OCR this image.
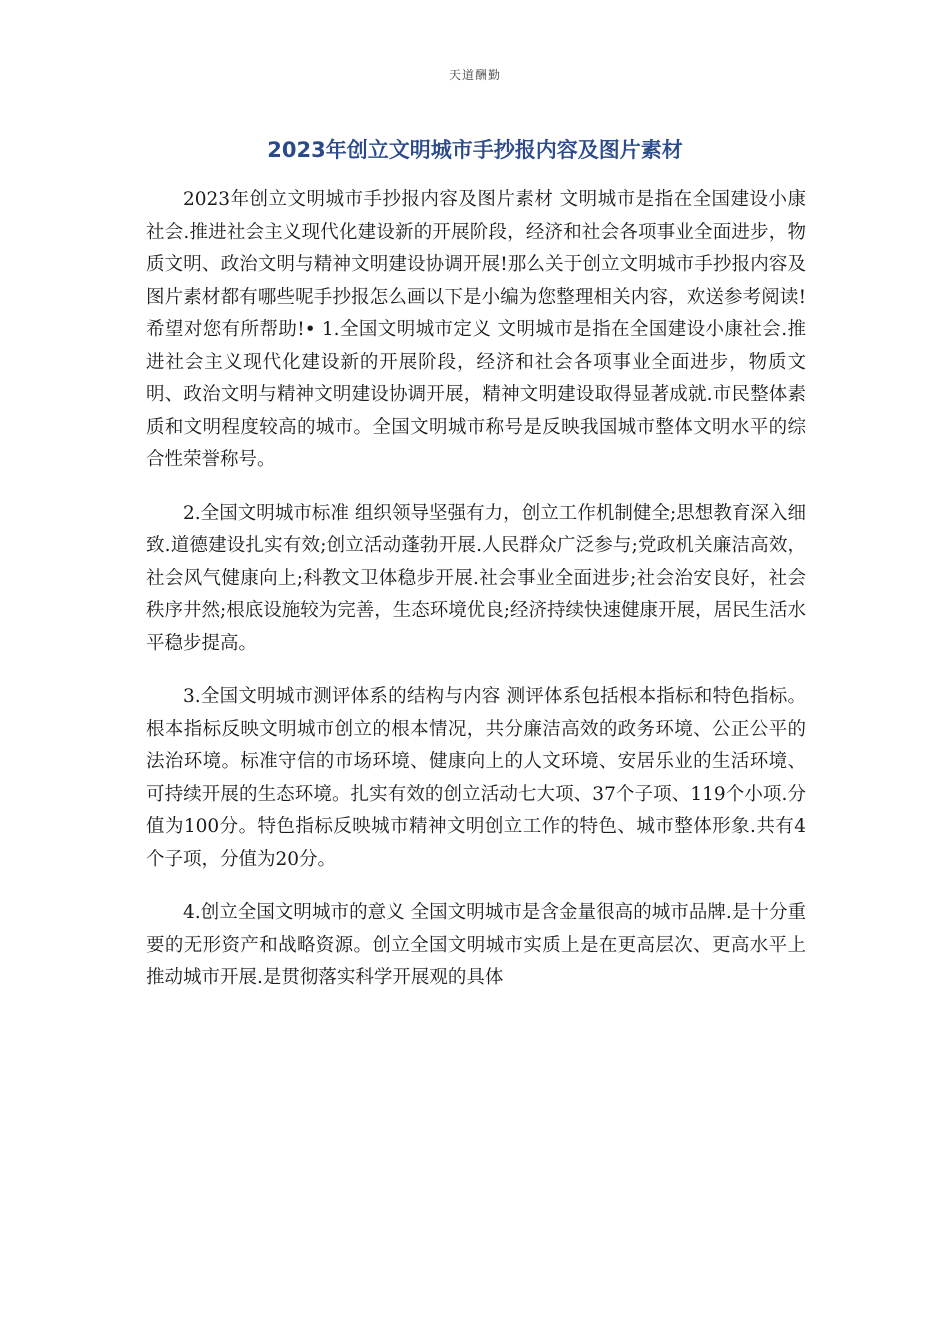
天道酬勤
2023年创立文明城市手抄报内容及图片素材

2023年创立文明城市手抄报内容及图片素材 文明城市是指在全国建设小康社会.推进社会主义现代化建设新的开展阶段，经济和社会各项事业全面进步，物质文明、政治文明与精神文明建设协调开展!那么关于创立文明城市手抄报内容及图片素材都有哪些呢手抄报怎么画以下是小编为您整理相关内容，欢送参考阅读!希望对您有所帮助!• 1.全国文明城市定义 文明城市是指在全国建设小康社会.推进社会主义现代化建设新的开展阶段，经济和社会各项事业全面进步，物质文明、政治文明与精神文明建设协调开展，精神文明建设取得显著成就.市民整体素质和文明程度较高的城市。全国文明城市称号是反映我国城市整体文明水平的综合性荣誉称号。

2.全国文明城市标准 组织领导坚强有力，创立工作机制健全;思想教育深入细致.道德建设扎实有效;创立活动蓬勃开展.人民群众广泛参与;党政机关廉洁高效，社会风气健康向上;科教文卫体稳步开展.社会事业全面进步;社会治安良好，社会秩序井然;根底设施较为完善，生态环境优良;经济持续快速健康开展，居民生活水平稳步提高。

3.全国文明城市测评体系的结构与内容 测评体系包括根本指标和特色指标。根本指标反映文明城市创立的根本情况，共分廉洁高效的政务环境、公正公平的法治环境。标准守信的市场环境、健康向上的人文环境、安居乐业的生活环境、可持续开展的生态环境。扎实有效的创立活动七大项、37个子项、119个小项.分值为100分。特色指标反映城市精神文明创立工作的特色、城市整体形象.共有4个子项，分值为20分。

4.创立全国文明城市的意义 全国文明城市是含金量很高的城市品牌.是十分重要的无形资产和战略资源。创立全国文明城市实质上是在更高层次、更高水平上推动城市开展.是贯彻落实科学开展观的具体
